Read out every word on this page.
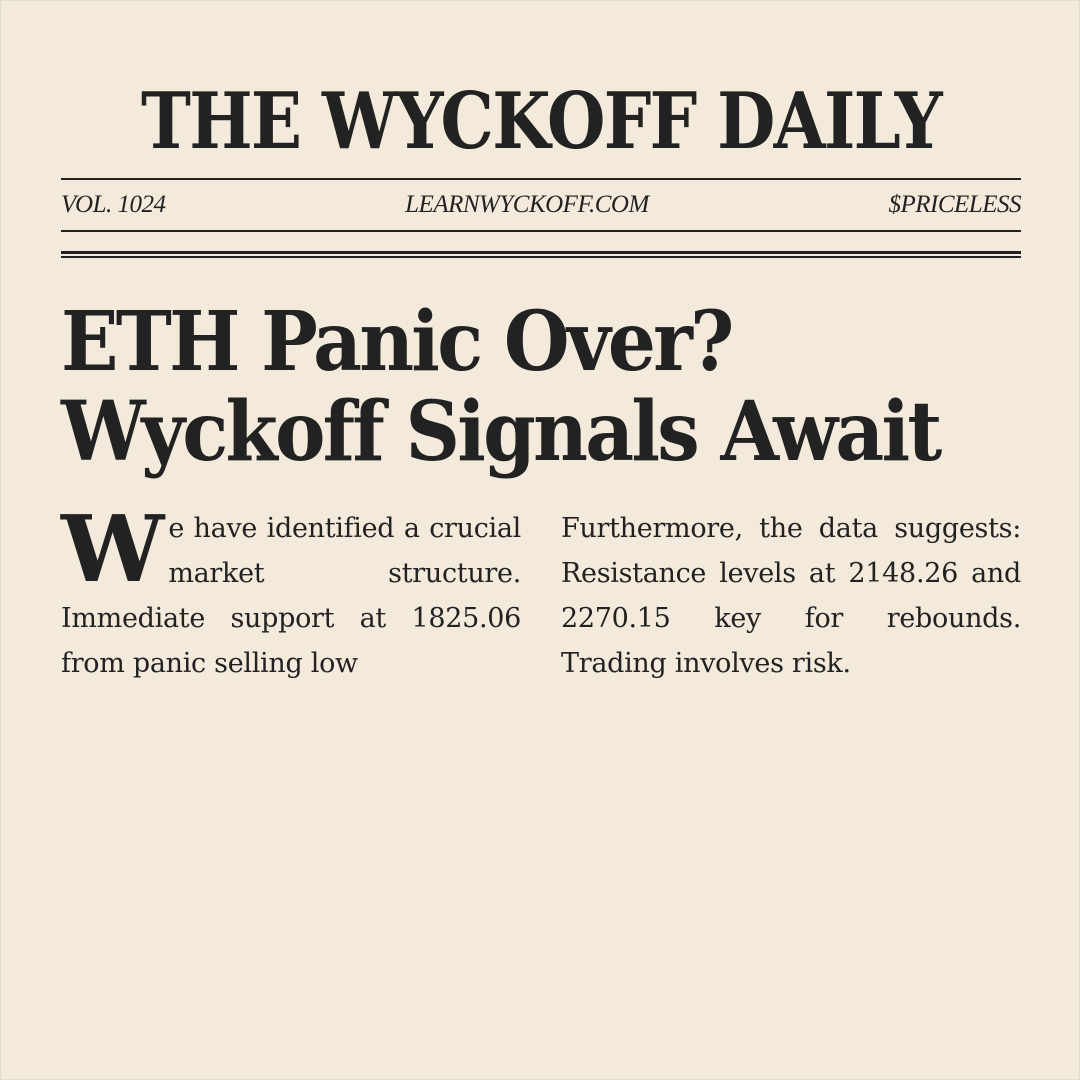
THE WYCKOFF DAILY
VOL. 1024	LEARNWYCKOFF.COM	$PRICELESS
ETH Panic Over?
Wyckoff Signals Await
W e have identified a crucial market structure. Immediate support at 1825.06 from panic selling low
Furthermore, the data suggests: Resistance levels at 2148.26 and 2270.15 key for rebounds. Trading involves risk.
